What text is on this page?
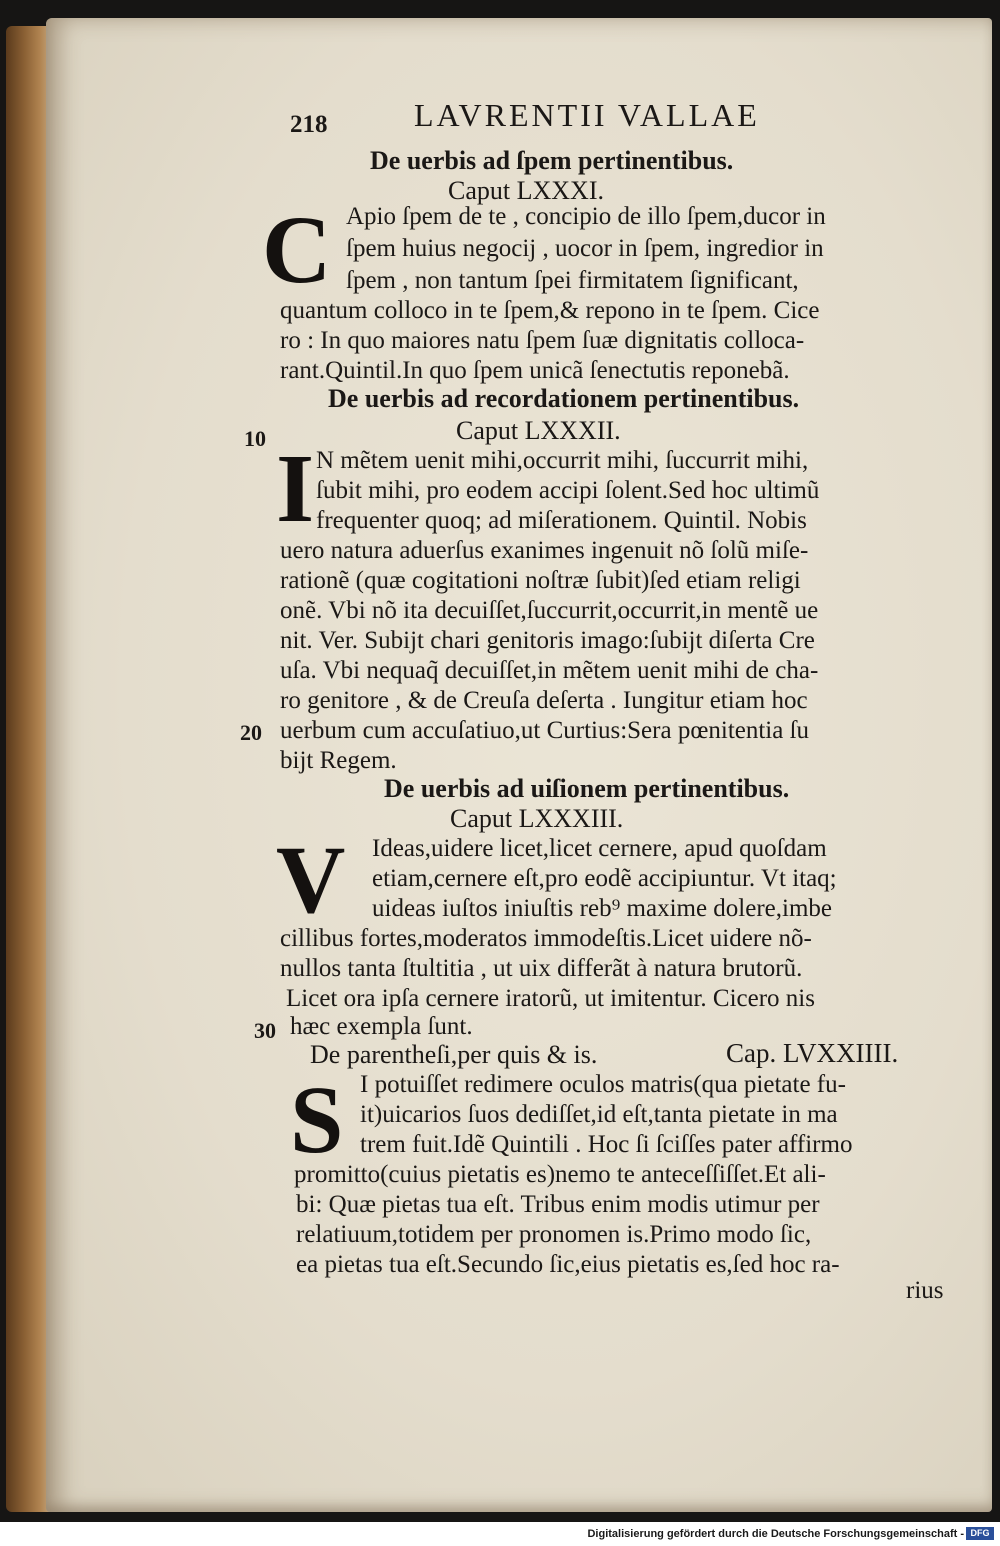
218	LAVRENTII VALLAE

De uerbis ad ſpem pertinentibus.

Caput LXXXI.

C Apio ſpem de te , concipio de illo ſpem,ducor in

ſpem huius negocij , uocor in ſpem, ingredior in

ſpem , non tantum ſpei firmitatem ſignificant,

quantum colloco in te ſpem,& repono in te ſpem. Cice

ro : In quo maiores natu ſpem ſuæ dignitatis colloca-

rant.Quintil.In quo ſpem unicã ſenectutis reponebã.

De uerbis ad recordationem pertinentibus.

10	Caput LXXXII.

I N mẽtem uenit mihi,occurrit mihi, ſuccurrit mihi,

ſubit mihi, pro eodem accipi ſolent.Sed hoc ultimũ

frequenter quoq; ad miſerationem. Quintil. Nobis

uero natura aduerſus exanimes ingenuit nõ ſolũ miſe-

rationẽ (quæ cogitationi noſtræ ſubit)ſed etiam religi

onẽ. Vbi nõ ita decuiſſet,ſuccurrit,occurrit,in mentẽ ue

nit. Ver. Subijt chari genitoris imago:ſubijt diſerta Cre

uſa. Vbi nequaq̃ decuiſſet,in mẽtem uenit mihi de cha-

ro genitore , & de Creuſa deſerta . Iungitur etiam hoc

20 uerbum cum accuſatiuo,ut Curtius:Sera pœnitentia ſu

bijt Regem.

De uerbis ad uiſionem pertinentibus.

Caput LXXXIII.

V Ideas,uidere licet,licet cernere, apud quoſdam

etiam,cernere eſt,pro eodẽ accipiuntur. Vt itaq;

uideas iuſtos iniuſtis reb⁹ maxime dolere,imbe

cillibus fortes,moderatos immodeſtis.Licet uidere nõ-

nullos tanta ſtultitia , ut uix differãt à natura brutorũ.

Licet ora ipſa cernere iratorũ, ut imitentur. Cicero nis

30 hæc exempla ſunt.

De parentheſi,per quis & is.	Cap. LVXXIIII.

S I potuiſſet redimere oculos matris(qua pietate fu-

it)uicarios ſuos dediſſet,id eſt,tanta pietate in ma

trem fuit.Idẽ Quintili . Hoc ſi ſciſſes pater affirmo

promitto(cuius pietatis es)nemo te anteceſſiſſet.Et ali-

bi: Quæ pietas tua eſt. Tribus enim modis utimur per

relatiuum,totidem per pronomen is.Primo modo ſic,

ea pietas tua eſt.Secundo ſic,eius pietatis es,ſed hoc ra-

rius

Digitalisierung gefördert durch die Deutsche Forschungsgemeinschaft - DFG
